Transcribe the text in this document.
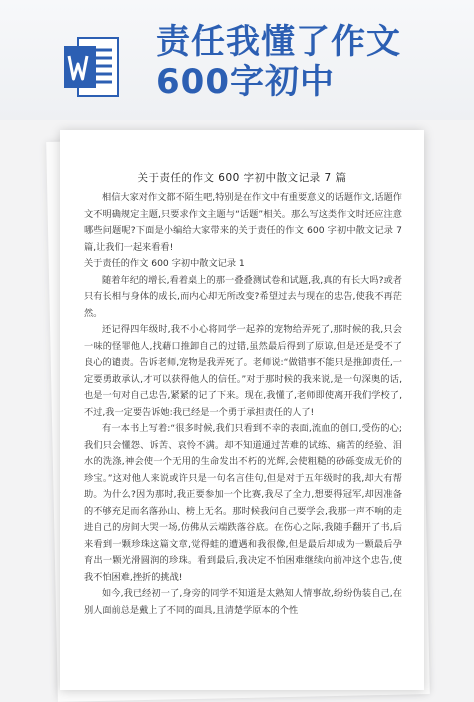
责任我懂了作文600字初中
关于责任的作文 600 字初中散文记录 7 篇

相信大家对作文都不陌生吧,特别是在作文中有重要意义的话题作文,话题作文不明确规定主题,只要求作文主题与“话题”相关。那么写这类作文时还应注意哪些问题呢?下面是小编给大家带来的关于责任的作文 600 字初中散文记录 7 篇,让我们一起来看看!

关于责任的作文 600 字初中散文记录 1

随着年纪的增长,看着桌上的那一叠叠测试卷和试题,我,真的有长大吗?或者只有长相与身体的成长,而内心却无所改变?希望过去与现在的忠告,使我不再茫然。

还记得四年级时,我不小心将同学一起养的宠物给弄死了,那时候的我,只会一味的怪罪他人,找藉口推卸自己的过错,虽然最后得到了原谅,但是还是受不了良心的谴责。告诉老师,宠物是我弄死了。老师说:“做错事不能只是推卸责任,一定要勇敢承认,才可以获得他人的信任。”对于那时候的我来说,是一句深奥的话,也是一句对自己忠告,紧紧的记了下来。现在,我懂了,老师即使离开我们学校了,不过,我一定要告诉她:我已经是一个勇于承担责任的人了!

有一本书上写着:“很多时候,我们只看到不幸的表面,流血的创口,受伤的心;我们只会懂怨、诉苦、哀怜不满。却不知道通过苦难的试练、痛苦的经验、泪水的洗涤,神会使一个无用的生命发出不朽的光辉,会使粗糙的砂砾变成无价的珍宝。”这对他人来说或许只是一句名言佳句,但是对于五年级时的我,却大有帮助。为什么?因为那时,我正要参加一个比赛,我尽了全力,想要得冠军,却因准备的不够充足而名落孙山、榜上无名。那时候我问自己要学会,我那一声不响的走进自己的房间大哭一场,仿佛从云端跌落谷底。在伤心之际,我随手翻开了书,后来看到一颗珍珠这篇文章,觉得蛙的遭遇和我很像,但是最后却成为一颗最后孕育出一颗光滑圆润的珍珠。看到最后,我决定不怕困难继续向前冲这个忠告,使我不怕困难,挫折的挑战!

如今,我已经初一了,身旁的同学不知道是太熟知人情事故,纷纷伪装自己,在别人面前总是戴上了不同的面具,且清楚学原本的个性
